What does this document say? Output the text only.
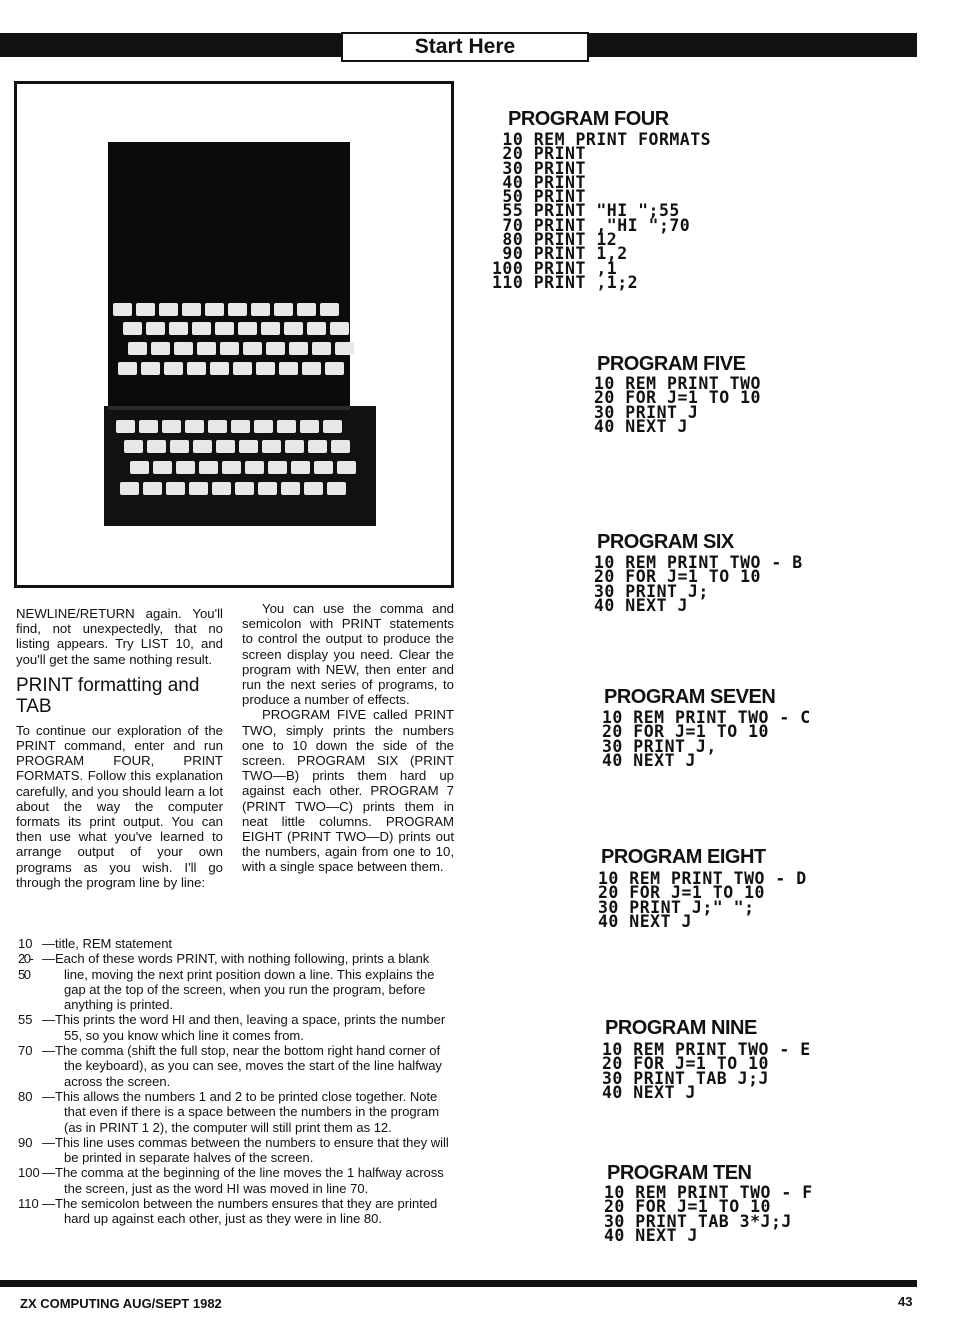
Start Here

NEWLINE/RETURN again. You'll find, not unexpectedly, that no listing appears. Try LIST 10, and you'll get the same nothing result.

PRINT formatting and TAB

To continue our exploration of the PRINT command, enter and run PROGRAM FOUR, PRINT FORMATS. Follow this explanation carefully, and you should learn a lot about the way the computer formats its print output. You can then use what you've learned to arrange output of your own programs as you wish. I'll go through the program line by line:

You can use the comma and semicolon with PRINT statements to control the output to produce the screen display you need. Clear the program with NEW, then enter and run the next series of programs, to produce a number of effects.

PROGRAM FIVE called PRINT TWO, simply prints the numbers one to 10 down the side of the screen. PROGRAM SIX (PRINT TWO—B) prints them hard up against each other. PROGRAM 7 (PRINT TWO—C) prints them in neat little columns. PROGRAM EIGHT (PRINT TWO—D) prints out the numbers, again from one to 10, with a single space between them.

10 —title, REM statement
20-50
—Each of these words PRINT, with nothing following, prints a blank line, moving the next print position down a line. This explains the gap at the top of the screen, when you run the program, before anything is printed.
55 —This prints the word HI and then, leaving a space, prints the number 55, so you know which line it comes from.
70 —The comma (shift the full stop, near the bottom right hand corner of the keyboard), as you can see, moves the start of the line halfway across the screen.
80 —This allows the numbers 1 and 2 to be printed close together. Note that even if there is a space between the numbers in the program (as in PRINT 1 2), the computer will still print them as 12.
90 —This line uses commas between the numbers to ensure that they will be printed in separate halves of the screen.
100 —The comma at the beginning of the line moves the 1 halfway across the screen, just as the word HI was moved in line 70.
110 —The semicolon between the numbers ensures that they are printed hard up against each other, just as they were in line 80.
PROGRAM FOUR
10 REM PRINT FORMATS
20 PRINT
30 PRINT
40 PRINT
50 PRINT
55 PRINT "HI ";55
70 PRINT ,"HI ";70
80 PRINT 12
90 PRINT 1,2
100 PRINT ,1
110 PRINT ,1;2
PROGRAM FIVE
10 REM PRINT TWO
20 FOR J=1 TO 10
30 PRINT J
40 NEXT J
PROGRAM SIX
10 REM PRINT TWO - B
20 FOR J=1 TO 10
30 PRINT J;
40 NEXT J
PROGRAM SEVEN
10 REM PRINT TWO - C
20 FOR J=1 TO 10
30 PRINT J,
40 NEXT J
PROGRAM EIGHT
10 REM PRINT TWO - D
20 FOR J=1 TO 10
30 PRINT J;" ";
40 NEXT J
PROGRAM NINE
10 REM PRINT TWO - E
20 FOR J=1 TO 10
30 PRINT TAB J;J
40 NEXT J
PROGRAM TEN
10 REM PRINT TWO - F
20 FOR J=1 TO 10
30 PRINT TAB 3*J;J
40 NEXT J
ZX COMPUTING AUG/SEPT 1982	43
